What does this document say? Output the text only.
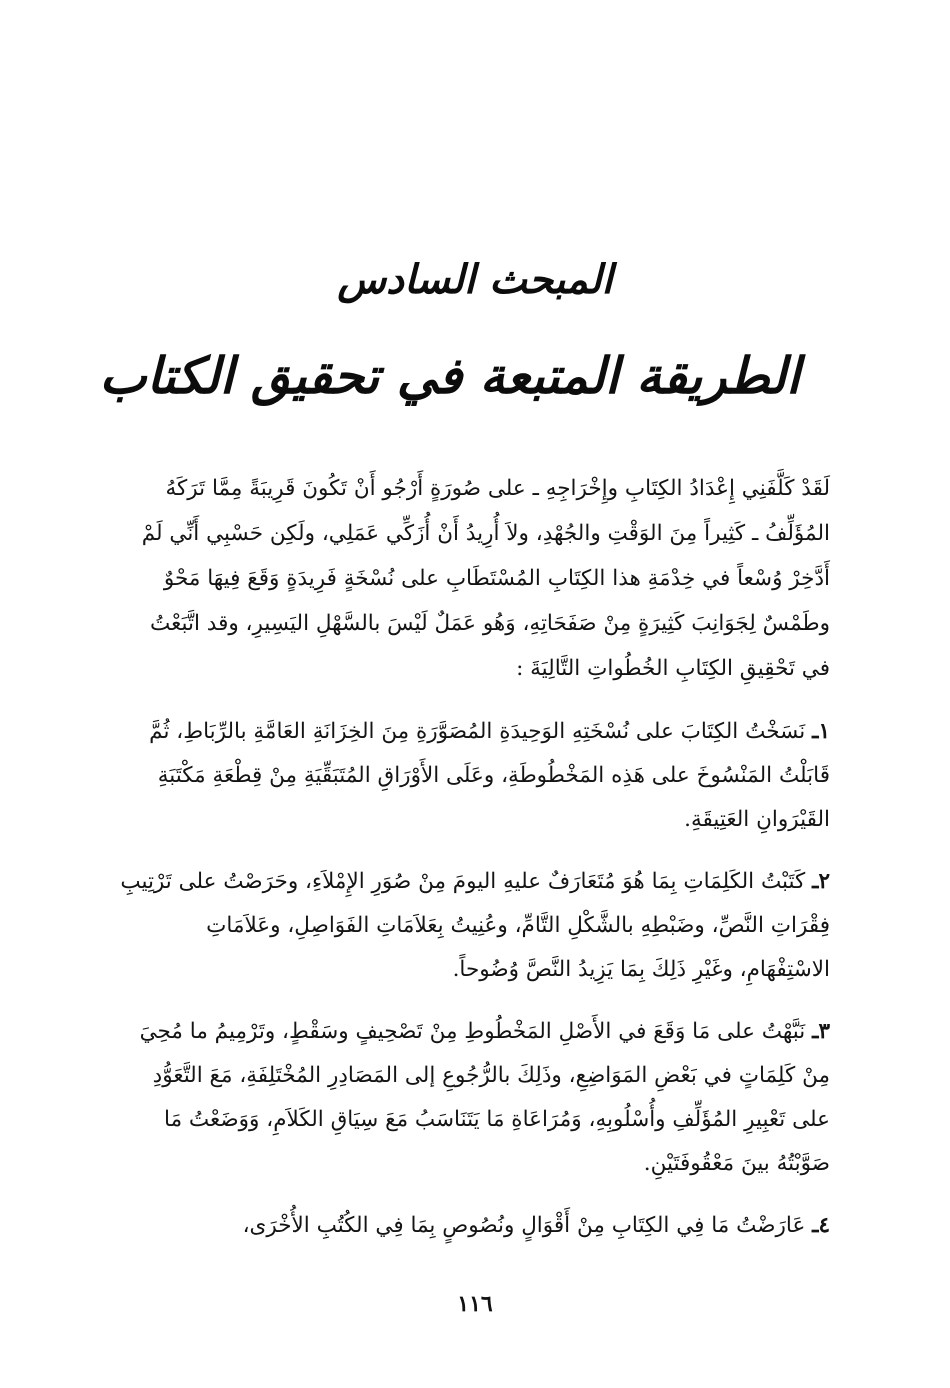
المبحث السادس
الطريقة المتبعة في تحقيق الكتاب

لَقَدْ كَلَّفَنِي إِعْدَادُ الكِتَابِ وإِخْرَاجِهِ ـ على صُورَةٍ أَرْجُو أَنْ تَكُونَ قَرِيبَةً مِمَّا تَرَكَهُ المُؤَلِّفُ ـ كَثِيراً مِنَ الوَقْتِ والجُهْدِ، ولاَ أُرِيدُ أَنْ أُزَكِّي عَمَلِي، ولَكِن حَسْبِي أَنِّي لَمْ أَدَّخِرْ وُسْعاً في خِدْمَةِ هذا الكِتَابِ المُسْتَطَابِ على نُسْخَةٍ فَرِيدَةٍ وَقَعَ فِيهَا مَحْوٌ وطَمْسٌ لِجَوَانِبَ كَثِيرَةٍ مِنْ صَفَحَاتِهِ، وَهُو عَمَلٌ لَيْسَ بالسَّهْلِ اليَسِيرِ، وقد اتَّبَعْتُ في تَحْقِيقِ الكِتَابِ الخُطُواتِ التَّالِيَةَ :

١ـ نَسَخْتُ الكِتَابَ على نُسْخَتِهِ الوَحِيدَةِ المُصَوَّرَةِ مِنَ الخِزَانَةِ العَامَّةِ بالرِّبَاطِ، ثُمَّ قَابَلْتُ المَنْسُوخَ على هَذِه المَخْطُوطَةِ، وعَلَى الأَوْرَاقِ المُتَبَقِّيَةِ مِنْ قِطْعَةِ مَكْتَبَةِ القَيْرَوانِ العَتِيقَةِ.

٢ـ كَتَبْتُ الكَلِمَاتِ بِمَا هُوَ مُتَعَارَفٌ عليهِ اليومَ مِنْ صُوَرِ الإِمْلاَءِ، وحَرَصْتُ على تَرْتِيبِ فِقْرَاتِ النَّصِّ، وضَبْطِهِ بالشَّكْلِ التَّامِّ، وعُنِيتُ بِعَلاَمَاتِ الفَوَاصِلِ، وعَلاَمَاتِ الاسْتِفْهَامِ، وغَيْرِ ذَلِكَ بِمَا يَزِيدُ النَّصَّ وُضُوحاً.

٣ـ نَبَّهْتُ على مَا وَقَعَ في الأَصْلِ المَخْطُوطِ مِنْ تَصْحِيفٍ وسَقْطٍ، وتَرْمِيمُ ما مُحِيَ مِنْ كَلِمَاتٍ في بَعْضِ المَوَاضِعِ، وذَلِكَ بالرُّجُوعِ إلى المَصَادِرِ المُخْتَلِفَةِ، مَعَ التَّعَوُّدِ على تَعْبِيرِ المُؤَلِّفِ وأُسْلُوبِهِ، وَمُرَاعَاةِ مَا يَتَنَاسَبُ مَعَ سِيَاقِ الكَلاَمِ، وَوَضَعْتُ مَا صَوَّبْتُهُ بينَ مَعْقُوفَتَيْنِ.

٤ـ عَارَضْتُ مَا فِي الكِتَابِ مِنْ أَقْوَالٍ ونُصُوصٍ بِمَا فِي الكُتُبِ الأُخْرَى،

١١٦
